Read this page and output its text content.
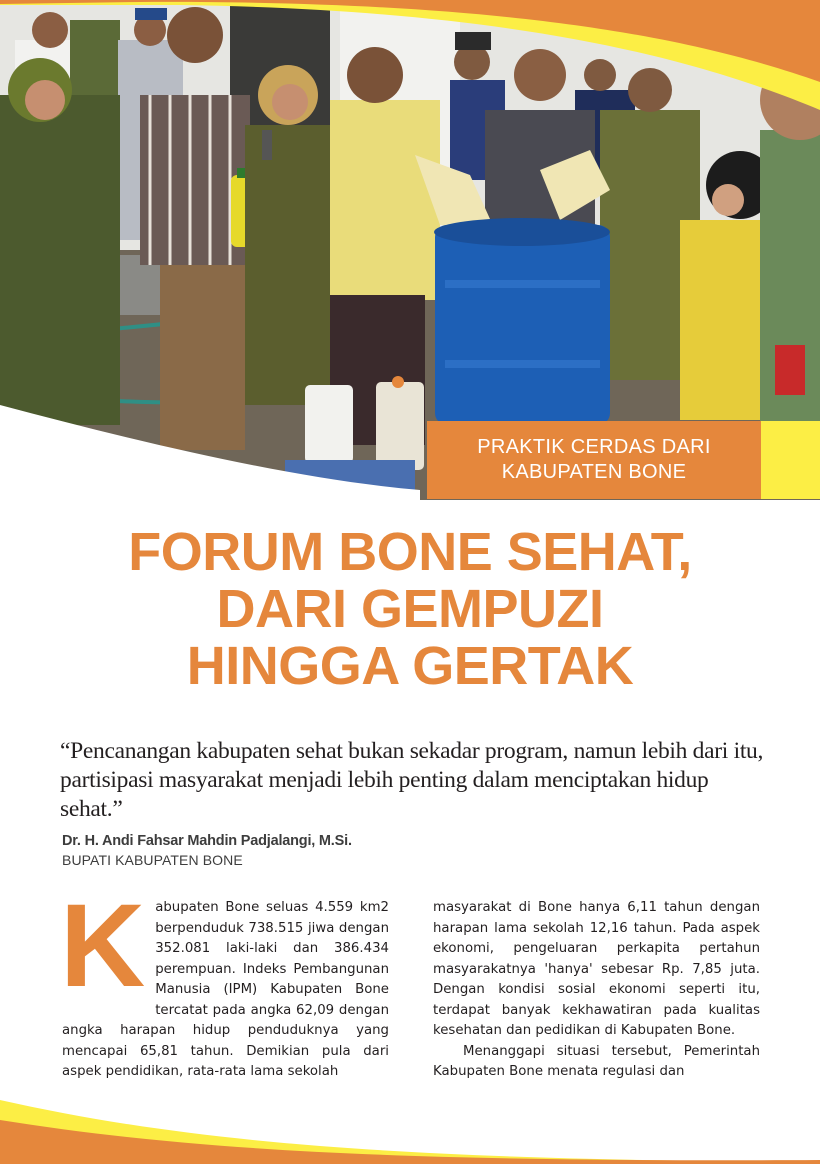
PRAKTIK CERDAS DARI
KABUPATEN BONE
FORUM BONE SEHAT,
DARI GEMPUZI
HINGGA GERTAK
“Pencanangan kabupaten sehat bukan sekadar program, namun lebih dari itu, partisipasi masyarakat menjadi lebih penting dalam menciptakan hidup sehat.”
Dr. H. Andi Fahsar Mahdin Padjalangi, M.Si.
BUPATI KABUPATEN BONE
K abupaten Bone seluas 4.559 km2 berpenduduk 738.515 jiwa dengan 352.081 laki-laki dan 386.434 perempuan. Indeks Pembangunan Manusia (IPM) Kabupaten Bone tercatat pada angka 62,09 dengan angka harapan hidup penduduknya yang mencapai 65,81 tahun. Demikian pula dari aspek pendidikan, rata-rata lama sekolah

masyarakat di Bone hanya 6,11 tahun dengan harapan lama sekolah 12,16 tahun. Pada aspek ekonomi, pengeluaran perkapita pertahun masyarakatnya 'hanya' sebesar Rp. 7,85 juta. Dengan kondisi sosial ekonomi seperti itu, terdapat banyak kekhawatiran pada kualitas kesehatan dan pedidikan di Kabupaten Bone.

Menanggapi situasi tersebut, Pemerintah Kabupaten Bone menata regulasi dan
